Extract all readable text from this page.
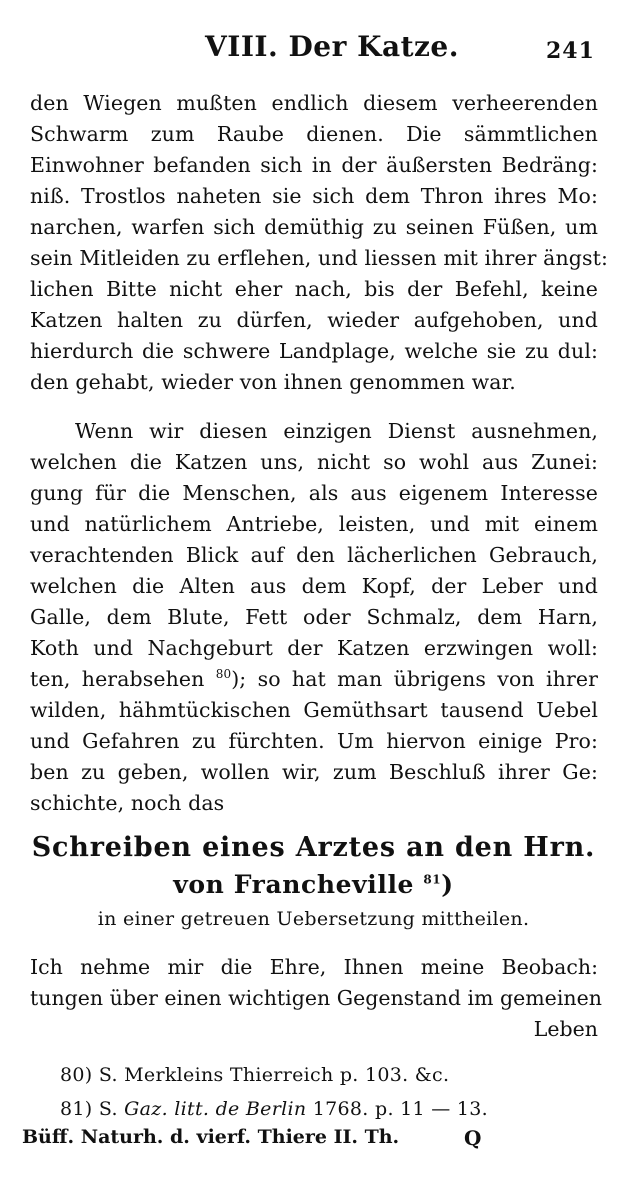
VIII. Der Katze.	241
den Wiegen mußten endlich diesem verheerenden
Schwarm zum Raube dienen. Die sämmtlichen
Einwohner befanden sich in der äußersten Bedräng:
niß. Trostlos naheten sie sich dem Thron ihres Mo:
narchen, warfen sich demüthig zu seinen Füßen, um
sein Mitleiden zu erflehen, und liessen mit ihrer ängst:
lichen Bitte nicht eher nach, bis der Befehl, keine
Katzen halten zu dürfen, wieder aufgehoben, und
hierdurch die schwere Landplage, welche sie zu dul:
den gehabt, wieder von ihnen genommen war.
Wenn wir diesen einzigen Dienst ausnehmen,
welchen die Katzen uns, nicht so wohl aus Zunei:
gung für die Menschen, als aus eigenem Interesse
und natürlichem Antriebe, leisten, und mit einem
verachtenden Blick auf den lächerlichen Gebrauch,
welchen die Alten aus dem Kopf, der Leber und
Galle, dem Blute, Fett oder Schmalz, dem Harn,
Koth und Nachgeburt der Katzen erzwingen woll:
ten, herabsehen $^{80}$); so hat man übrigens von ihrer
wilden, hähmtückischen Gemüthsart tausend Uebel
und Gefahren zu fürchten. Um hiervon einige Pro:
ben zu geben, wollen wir, zum Beschluß ihrer Ge:
schichte, noch das
Schreiben eines Arztes an den Hrn.
von Francheville $^{81}$)
in einer getreuen Uebersetzung mittheilen.
Ich nehme mir die Ehre, Ihnen meine Beobach:
tungen über einen wichtigen Gegenstand im gemeinen
Leben
80) S. Merkleins Thierreich p. 103. &c.
81) S. Gaz. litt. de Berlin 1768. p. 11 — 13.
Büff. Naturh. d. vierf. Thiere II. Th.	Q
